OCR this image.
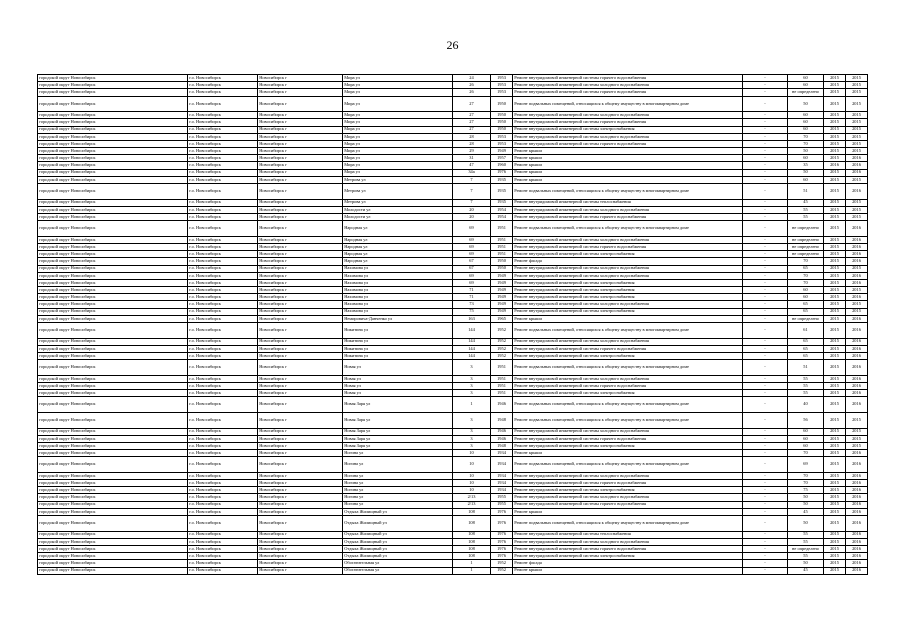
26
городской округ Новосибирск	г.о. Новосибирск	Новосибирск г	Мира ул	24	1953	Ремонт внутридомовой инженерной системы горячего водоснабжения	-	60	2015	2015
городской округ Новосибирск	г.о. Новосибирск	Новосибирск г	Мира ул	26	1953	Ремонт внутридомовой инженерной системы холодного водоснабжения	-	60	2015	2015
городской округ Новосибирск	г.о. Новосибирск	Новосибирск г	Мира ул	26	1953	Ремонт внутридомовой инженерной системы горячего водоснабжения	-	не определено	2015	2015
городской округ Новосибирск	г.о. Новосибирск	Новосибирск г	Мира ул	27	1950	Ремонт подвальных помещений, относящихся к общему имуществу в многоквартирном доме	-	50	2015	2015
городской округ Новосибирск	г.о. Новосибирск	Новосибирск г	Мира ул	27	1950	Ремонт внутридомовой инженерной системы холодного водоснабжения	-	60	2015	2015
городской округ Новосибирск	г.о. Новосибирск	Новосибирск г	Мира ул	27	1950	Ремонт внутридомовой инженерной системы горячего водоснабжения	-	60	2015	2015
городской округ Новосибирск	г.о. Новосибирск	Новосибирск г	Мира ул	27	1950	Ремонт внутридомовой инженерной системы электроснабжения	-	60	2015	2015
городской округ Новосибирск	г.о. Новосибирск	Новосибирск г	Мира ул	28	1953	Ремонт внутридомовой инженерной системы холодного водоснабжения	-	70	2015	2015
городской округ Новосибирск	г.о. Новосибирск	Новосибирск г	Мира ул	28	1953	Ремонт внутридомовой инженерной системы горячего водоснабжения	-	70	2015	2015
городской округ Новосибирск	г.о. Новосибирск	Новосибирск г	Мира ул	29	1949	Ремонт крыши	-	50	2015	2015
городской округ Новосибирск	г.о. Новосибирск	Новосибирск г	Мира ул	31	1957	Ремонт крыши	-	60	2015	2016
городской округ Новосибирск	г.о. Новосибирск	Новосибирск г	Мира ул	47	1960	Ремонт крыши	-	35	2016	2016
городской округ Новосибирск	г.о. Новосибирск	Новосибирск г	Мира ул	34а	1976	Ремонт крыши	-	50	2015	2016
городской округ Новосибирск	г.о. Новосибирск	Новосибирск г	Метрова ул	7	1935	Ремонт крыши	-	60	2015	2015
городской округ Новосибирск	г.о. Новосибирск	Новосибирск г	Метрова ул	7	1935	Ремонт подвальных помещений, относящихся к общему имуществу в многоквартирном доме	-	51	2015	2016
городской округ Новосибирск	г.о. Новосибирск	Новосибирск г	Метрова ул	7	1935	Ремонт внутридомовой инженерной системы теплоснабжения	-	45	2015	2015
городской округ Новосибирск	г.о. Новосибирск	Новосибирск г	Молодости ул	20	1954	Ремонт внутридомовой инженерной системы холодного водоснабжения	-	55	2015	2015
городской округ Новосибирск	г.о. Новосибирск	Новосибирск г	Молодости ул	20	1954	Ремонт внутридомовой инженерной системы горячего водоснабжения	-	55	2015	2015
городской округ Новосибирск	г.о. Новосибирск	Новосибирск г	Народная ул	69	1951	Ремонт подвальных помещений, относящихся к общему имуществу в многоквартирном доме	-	не определено	2015	2016
городской округ Новосибирск	г.о. Новосибирск	Новосибирск г	Народная ул	69	1951	Ремонт внутридомовой инженерной системы холодного водоснабжения	-	не определено	2015	2016
городской округ Новосибирск	г.о. Новосибирск	Новосибирск г	Народная ул	69	1951	Ремонт внутридомовой инженерной системы горячего водоснабжения	-	не определено	2015	2016
городской округ Новосибирск	г.о. Новосибирск	Новосибирск г	Народная ул	69	1951	Ремонт внутридомовой инженерной системы электроснабжения	-	не определено	2015	2016
городской округ Новосибирск	г.о. Новосибирск	Новосибирск г	Народная ул	67	1950	Ремонт фасада	-	70	2015	2016
городской округ Новосибирск	г.о. Новосибирск	Новосибирск г	Нахимова ул	67	1950	Ремонт внутридомовой инженерной системы холодного водоснабжения	-	65	2015	2015
городской округ Новосибирск	г.о. Новосибирск	Новосибирск г	Нахимова ул	69	1949	Ремонт внутридомовой инженерной системы холодного водоснабжения	-	70	2015	2016
городской округ Новосибирск	г.о. Новосибирск	Новосибирск г	Нахимова ул	69	1949	Ремонт внутридомовой инженерной системы электроснабжения	-	70	2015	2016
городской округ Новосибирск	г.о. Новосибирск	Новосибирск г	Нахимова ул	71	1949	Ремонт внутридомовой инженерной системы электроснабжения	-	60	2015	2015
городской округ Новосибирск	г.о. Новосибирск	Новосибирск г	Нахимова ул	71	1949	Ремонт внутридомовой инженерной системы электроснабжения	-	60	2015	2016
городской округ Новосибирск	г.о. Новосибирск	Новосибирск г	Нахимова ул	73	1949	Ремонт внутридомовой инженерной системы холодного водоснабжения	-	65	2015	2015
городской округ Новосибирск	г.о. Новосибирск	Новосибирск г	Нахимова ул	75	1949	Ремонт внутридомовой инженерной системы электроснабжения	-	65	2015	2015
городской округ Новосибирск	г.о. Новосибирск	Новосибирск г	Немировича-Данченко ул	163	1965	Ремонт крыши	-	не определено	2015	2016
городской округ Новосибирск	г.о. Новосибирск	Новосибирск г	Никитина ул	144	1952	Ремонт подвальных помещений, относящихся к общему имуществу в многоквартирном доме	-	61	2015	2016
городской округ Новосибирск	г.о. Новосибирск	Новосибирск г	Никитина ул	144	1952	Ремонт внутридомовой инженерной системы холодного водоснабжения	-	65	2015	2016
городской округ Новосибирск	г.о. Новосибирск	Новосибирск г	Никитина ул	144	1952	Ремонт внутридомовой инженерной системы горячего водоснабжения	-	65	2015	2016
городской округ Новосибирск	г.о. Новосибирск	Новосибирск г	Никитина ул	144	1952	Ремонт внутридомовой инженерной системы электроснабжения	-	65	2015	2016
городской округ Новосибирск	г.о. Новосибирск	Новосибирск г	Новая ул	3	1951	Ремонт подвальных помещений, относящихся к общему имуществу в многоквартирном доме	-	51	2015	2016
городской округ Новосибирск	г.о. Новосибирск	Новосибирск г	Новая ул	3	1951	Ремонт внутридомовой инженерной системы холодного водоснабжения	-	55	2015	2016
городской округ Новосибирск	г.о. Новосибирск	Новосибирск г	Новая ул	3	1951	Ремонт внутридомовой инженерной системы горячего водоснабжения	-	55	2015	2016
городской округ Новосибирск	г.о. Новосибирск	Новосибирск г	Новая ул	3	1951	Ремонт внутридомовой инженерной системы электроснабжения	-	55	2015	2016
городской округ Новосибирск	г.о. Новосибирск	Новосибирск г	Новая Заря ул	1	1946	Ремонт подвальных помещений, относящихся к общему имуществу в многоквартирном доме	-	40	2015	2016
городской округ Новосибирск	г.о. Новосибирск	Новосибирск г	Новая Заря ул	3	1948	Ремонт подвальных помещений, относящихся к общему имуществу в многоквартирном доме	-	56	2015	2015
городской округ Новосибирск	г.о. Новосибирск	Новосибирск г	Новая Заря ул	3	1946	Ремонт внутридомовой инженерной системы холодного водоснабжения	-	60	2015	2015
городской округ Новосибирск	г.о. Новосибирск	Новосибирск г	Новая Заря ул	3	1946	Ремонт внутридомовой инженерной системы горячего водоснабжения	-	60	2015	2015
городской округ Новосибирск	г.о. Новосибирск	Новосибирск г	Новая Заря ул	3	1948	Ремонт внутридомовой инженерной системы электроснабжения	-	60	2015	2015
городской округ Новосибирск	г.о. Новосибирск	Новосибирск г	Ногина ул	10	1934	Ремонт крыши	-	70	2015	2016
городской округ Новосибирск	г.о. Новосибирск	Новосибирск г	Ногина ул	10	1934	Ремонт подвальных помещений, относящихся к общему имуществу в многоквартирном доме	-	69	2015	2016
городской округ Новосибирск	г.о. Новосибирск	Новосибирск г	Ногина ул	10	1934	Ремонт внутридомовой инженерной системы холодного водоснабжения	-	70	2015	2016
городской округ Новосибирск	г.о. Новосибирск	Новосибирск г	Ногина ул	10	1934	Ремонт внутридомовой инженерной системы горячего водоснабжения	-	70	2015	2016
городской округ Новосибирск	г.о. Новосибирск	Новосибирск г	Ногина ул	10	1934	Ремонт внутридомовой инженерной системы электроснабжения	-	75	2015	2016
городской округ Новосибирск	г.о. Новосибирск	Новосибирск г	Ногина ул	2/13	1955	Ремонт внутридомовой инженерной системы холодного водоснабжения	-	50	2015	2016
городской округ Новосибирск	г.о. Новосибирск	Новосибирск г	Ногина ул	2/13	1955	Ремонт внутридомовой инженерной системы горячего водоснабжения	-	50	2015	2016
городской округ Новосибирск	г.о. Новосибирск	Новосибирск г	Отдыха Жилищный ул	108	1976	Ремонт крыши	-	45	2015	2016
городской округ Новосибирск	г.о. Новосибирск	Новосибирск г	Отдыха Жилищный ул	108	1976	Ремонт подвальных помещений, относящихся к общему имуществу в многоквартирном доме	-	50	2015	2016
городской округ Новосибирск	г.о. Новосибирск	Новосибирск г	Отдыха Жилищный ул	108	1976	Ремонт внутридомовой инженерной системы теплоснабжения	-	55	2015	2016
городской округ Новосибирск	г.о. Новосибирск	Новосибирск г	Отдыха Жилищный ул	108	1976	Ремонт внутридомовой инженерной системы холодного водоснабжения	-	55	2015	2016
городской округ Новосибирск	г.о. Новосибирск	Новосибирск г	Отдыха Жилищный ул	108	1976	Ремонт внутридомовой инженерной системы горячего водоснабжения	-	не определено	2015	2016
городской округ Новосибирск	г.о. Новосибирск	Новосибирск г	Отдыха Жилищный ул	108	1976	Ремонт внутридомовой инженерной системы электроснабжения	-	55	2015	2016
городской округ Новосибирск	г.о. Новосибирск	Новосибирск г	Обогатительная ул	1	1952	Ремонт фасада	-	50	2015	2016
городской округ Новосибирск	г.о. Новосибирск	Новосибирск г	Обогатительная ул	1	1952	Ремонт крыши	-	45	2015	2016
